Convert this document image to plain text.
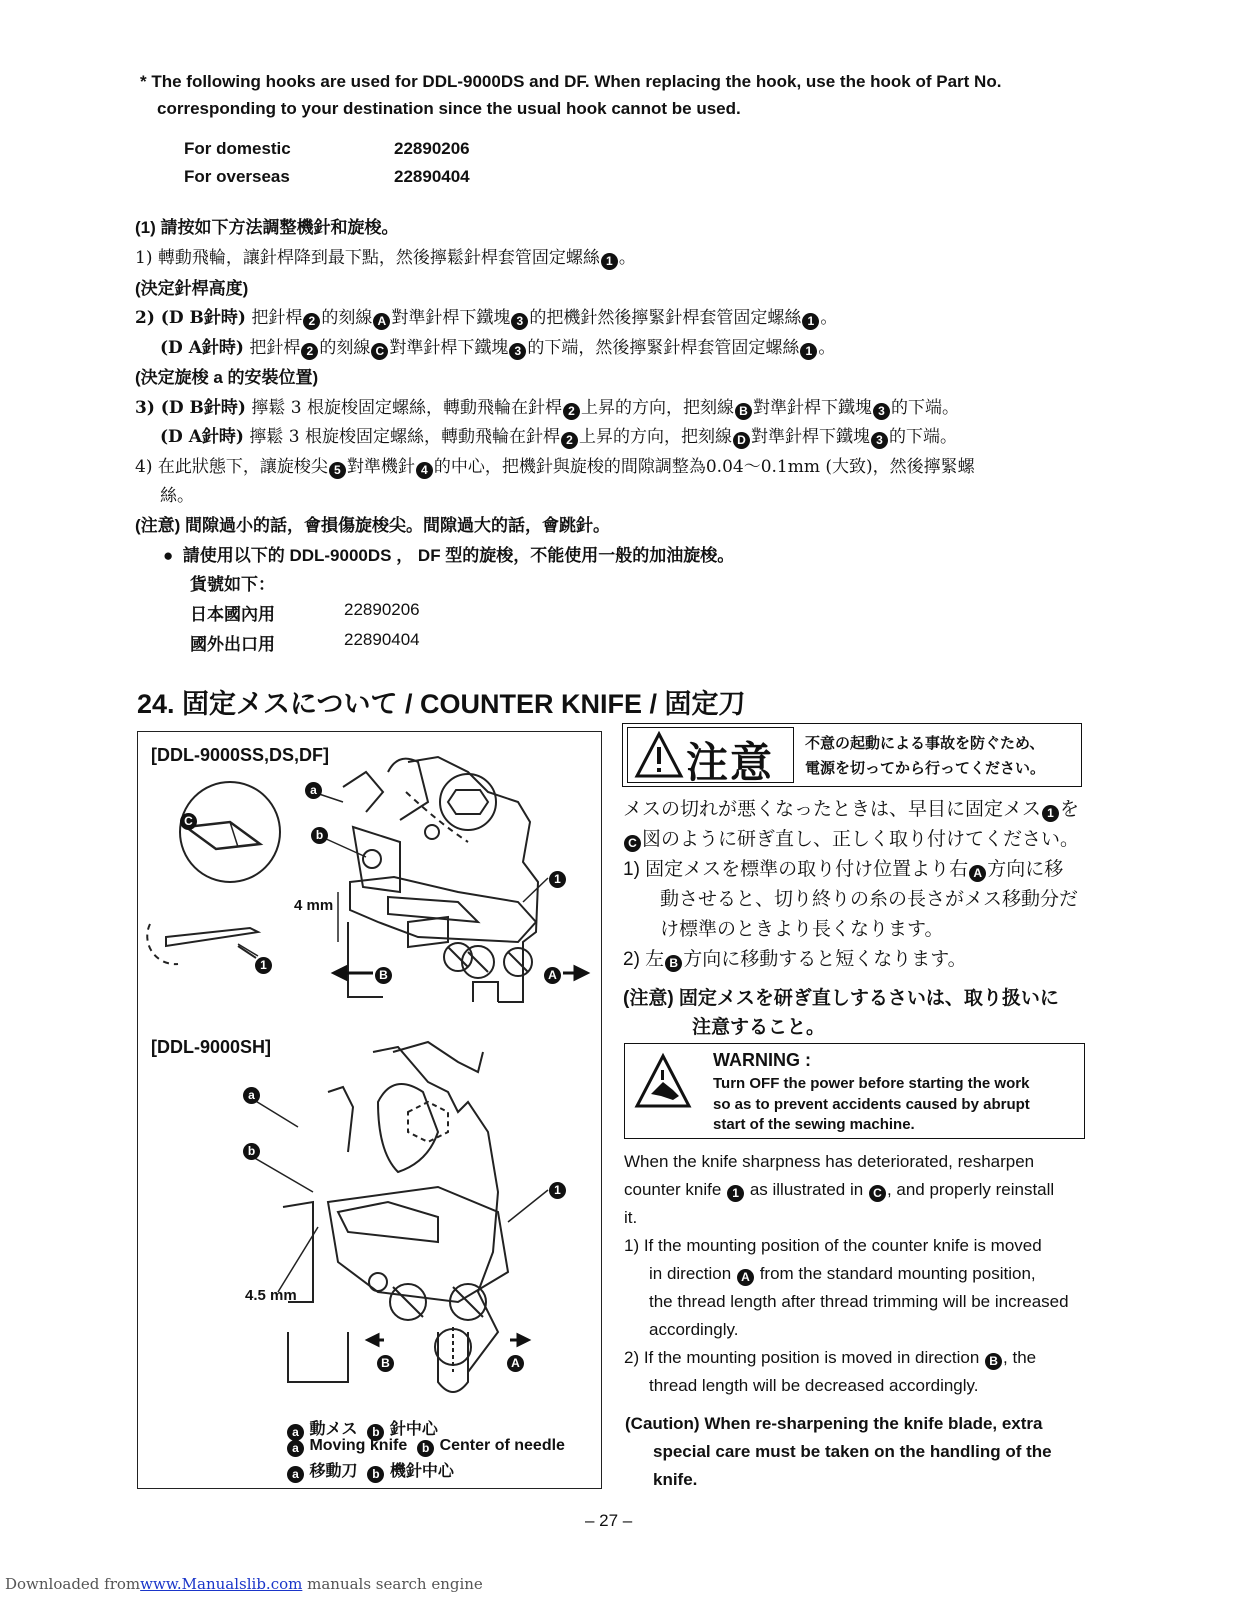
* The following hooks are used for DDL-9000DS and DF. When replacing the hook, use the hook of Part No.
corresponding to your destination since the usual hook cannot be used.
For domestic	22890206
For overseas	22890404
(1) 請按如下方法調整機針和旋梭。
1) 轉動飛輪，讓針桿降到最下點，然後擰鬆針桿套管固定螺絲 1 。
(決定針桿高度)
2) (D B針時) 把針桿 2 的刻線 A 對準針桿下鐵塊 3 的把機針然後擰緊針桿套管固定螺絲 1 。
(D A針時) 把針桿 2 的刻線 C 對準針桿下鐵塊 3 的下端，然後擰緊針桿套管固定螺絲 1 。
(決定旋梭 a 的安裝位置)
3) (D B針時) 擰鬆 3 根旋梭固定螺絲，轉動飛輪在針桿 2 上昇的方向，把刻線 B 對準針桿下鐵塊 3 的下端。
(D A針時) 擰鬆 3 根旋梭固定螺絲，轉動飛輪在針桿 2 上昇的方向，把刻線 D 對準針桿下鐵塊 3 的下端。
4) 在此狀態下，讓旋梭尖 5 對準機針 4 的中心，把機針與旋梭的間隙調整為0.04～0.1mm (大致)，然後擰緊螺
絲。
(注意) 間隙過小的話，會損傷旋梭尖。間隙過大的話，會跳針。
●  請使用以下的 DDL-9000DS ， DF 型的旋梭，不能使用一般的加油旋梭。
貨號如下：
日本國內用	22890206
國外出口用	22890404
24. 固定メスについて / COUNTER KNIFE / 固定刀
[DDL-9000SS,DS,DF]
[DDL-9000SH]
a
b
C
1
1
B	A
4 mm
a
b
1
B	A
4.5 mm
a 動メス b 針中心
a Moving knife b Center of needle
a 移動刀 b 機針中心
注意 不意の起動による事故を防ぐため、
電源を切ってから行ってください。
メスの切れが悪くなったときは、早目に固定メス 1 を
C 図のように研ぎ直し、正しく取り付けてください。
1) 固定メスを標準の取り付け位置より右 A 方向に移
動させると、切り終りの糸の長さがメス移動分だ
け標準のときより長くなります。
2) 左 B 方向に移動すると短くなります。
(注意) 固定メスを研ぎ直しするさいは、取り扱いに
注意すること。
WARNING :
Turn OFF the power before starting the work
so as to prevent accidents caused by abrupt
start of the sewing machine.
When the knife sharpness has deteriorated, resharpen
counter knife 1 as illustrated in C , and properly reinstall
it.
1) If the mounting position of the counter knife is moved
in direction A from the standard mounting position,
the thread length after thread trimming will be increased
accordingly.
2) If the mounting position is moved in direction B , the
thread length will be decreased accordingly.
(Caution) When re-sharpening the knife blade, extra
special care must be taken on the handling of the
knife.
– 27 –
Downloaded fromwww.Manualslib.com manuals search engine
